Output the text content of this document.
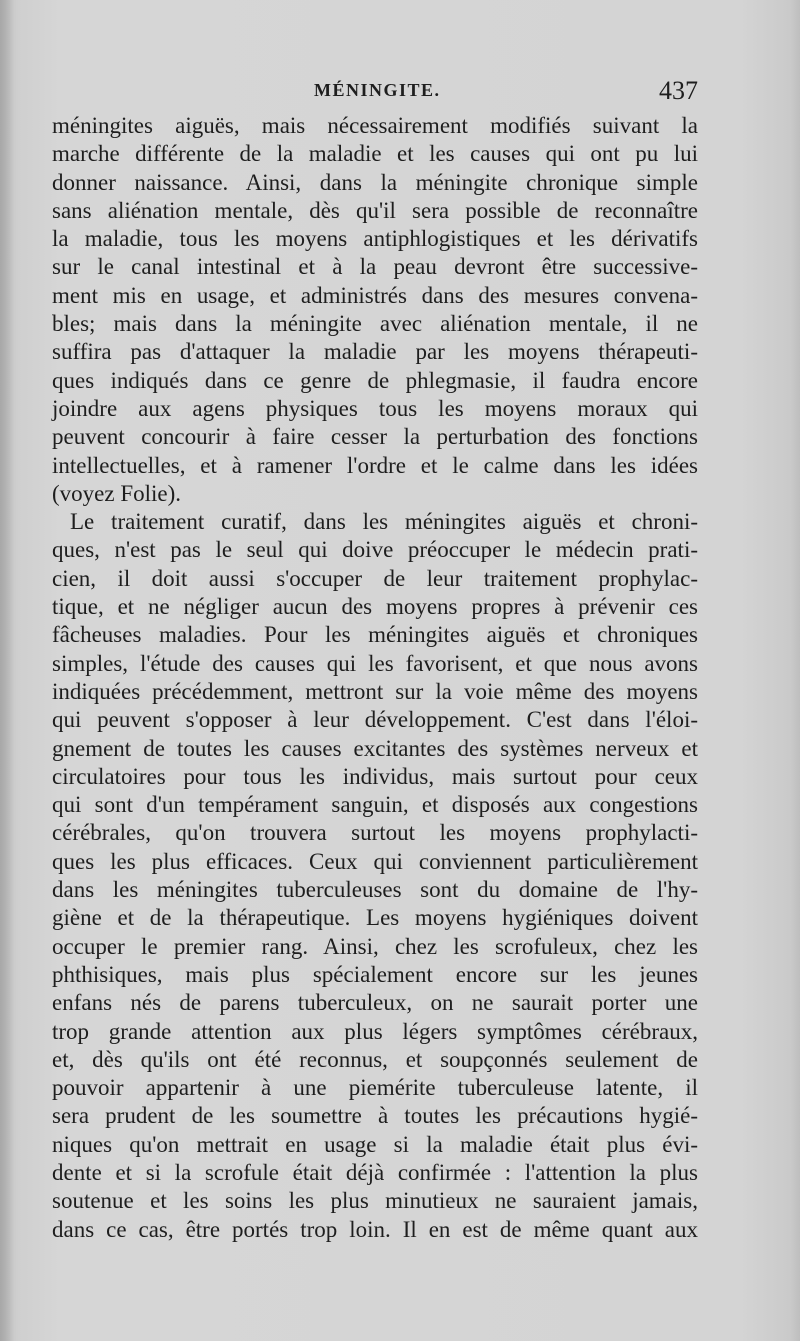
MÉNINGITE.	437
méningites aiguës, mais nécessairement modifiés suivant la
marche différente de la maladie et les causes qui ont pu lui
donner naissance. Ainsi, dans la méningite chronique simple
sans aliénation mentale, dès qu'il sera possible de reconnaître
la maladie, tous les moyens antiphlogistiques et les dérivatifs
sur le canal intestinal et à la peau devront être successive-
ment mis en usage, et administrés dans des mesures convena-
bles; mais dans la méningite avec aliénation mentale, il ne
suffira pas d'attaquer la maladie par les moyens thérapeuti-
ques indiqués dans ce genre de phlegmasie, il faudra encore
joindre aux agens physiques tous les moyens moraux qui
peuvent concourir à faire cesser la perturbation des fonctions
intellectuelles, et à ramener l'ordre et le calme dans les idées
(voyez Folie).
Le traitement curatif, dans les méningites aiguës et chroni-
ques, n'est pas le seul qui doive préoccuper le médecin prati-
cien, il doit aussi s'occuper de leur traitement prophylac-
tique, et ne négliger aucun des moyens propres à prévenir ces
fâcheuses maladies. Pour les méningites aiguës et chroniques
simples, l'étude des causes qui les favorisent, et que nous avons
indiquées précédemment, mettront sur la voie même des moyens
qui peuvent s'opposer à leur développement. C'est dans l'éloi-
gnement de toutes les causes excitantes des systèmes nerveux et
circulatoires pour tous les individus, mais surtout pour ceux
qui sont d'un tempérament sanguin, et disposés aux congestions
cérébrales, qu'on trouvera surtout les moyens prophylacti-
ques les plus efficaces. Ceux qui conviennent particulièrement
dans les méningites tuberculeuses sont du domaine de l'hy-
giène et de la thérapeutique. Les moyens hygiéniques doivent
occuper le premier rang. Ainsi, chez les scrofuleux, chez les
phthisiques, mais plus spécialement encore sur les jeunes
enfans nés de parens tuberculeux, on ne saurait porter une
trop grande attention aux plus légers symptômes cérébraux,
et, dès qu'ils ont été reconnus, et soupçonnés seulement de
pouvoir appartenir à une piemérite tuberculeuse latente, il
sera prudent de les soumettre à toutes les précautions hygié-
niques qu'on mettrait en usage si la maladie était plus évi-
dente et si la scrofule était déjà confirmée : l'attention la plus
soutenue et les soins les plus minutieux ne sauraient jamais,
dans ce cas, être portés trop loin. Il en est de même quant aux
